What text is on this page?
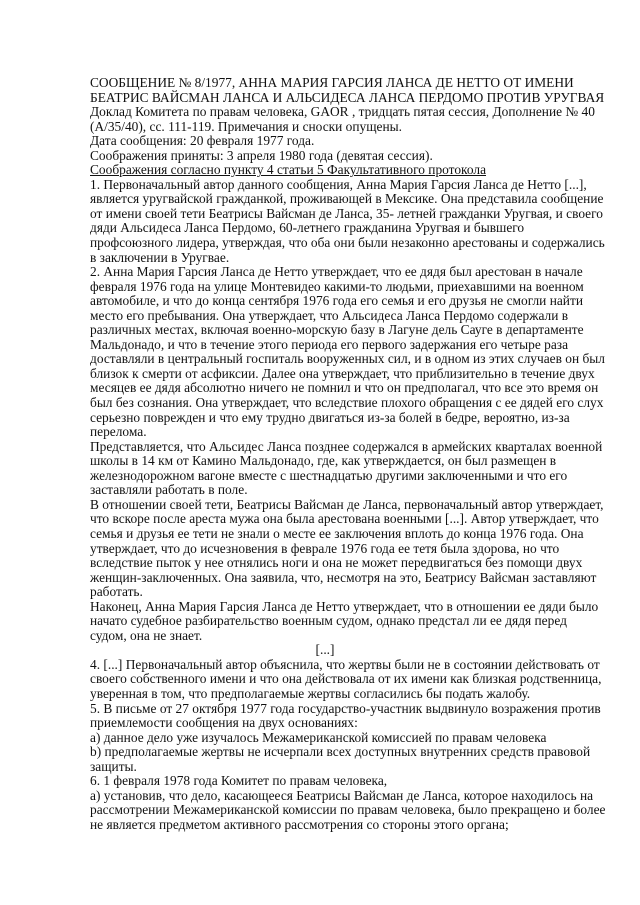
СООБЩЕНИЕ № 8/1977, АННА МАРИЯ ГАРСИЯ ЛАНСА ДЕ НЕТТО ОТ ИМЕНИ
БЕАТРИС ВАЙСМАН ЛАНСА И АЛЬСИДЕСА ЛАНСА ПЕРДОМО ПРОТИВ УРУГВАЯ
Доклад Комитета по правам человека, GAOR , тридцать пятая сессия, Дополнение № 40
(A/35/40), сс. 111-119. Примечания и сноски опущены.
Дата сообщения: 20 февраля 1977 года.
Соображения приняты: 3 апреля 1980 года (девятая сессия).
Соображения согласно пункту 4 статьи 5 Факультативного протокола
1. Первоначальный автор данного сообщения, Анна Мария Гарсия Ланса де Нетто [...],
является уругвайской гражданкой, проживающей в Мексике. Она представила сообщение
от имени своей тети Беатрисы Вайсман де Ланса, 35- летней гражданки Уругвая, и своего
дяди Альсидеса Ланса Пердомо, 60-летнего гражданина Уругвая и бывшего
профсоюзного лидера, утверждая, что оба они были незаконно арестованы и содержались
в заключении в Уругвае.
2. Анна Мария Гарсия Ланса де Нетто утверждает, что ее дядя был арестован в начале
февраля 1976 года на улице Монтевидео какими-то людьми, приехавшими на военном
автомобиле, и что до конца сентября 1976 года его семья и его друзья не смогли найти
место его пребывания. Она утверждает, что Альсидеса Ланса Пердомо содержали в
различных местах, включая военно-морскую базу в Лагуне дель Сауге в департаменте
Мальдонадо, и что в течение этого периода его первого задержания его четыре раза
доставляли в центральный госпиталь вооруженных сил, и в одном из этих случаев он был
близок к смерти от асфиксии. Далее она утверждает, что приблизительно в течение двух
месяцев ее дядя абсолютно ничего не помнил и что он предполагал, что все это время он
был без сознания. Она утверждает, что вследствие плохого обращения с ее дядей его слух
серьезно поврежден и что ему трудно двигаться из-за болей в бедре, вероятно, из-за
перелома.
Представляется, что Альсидес Ланса позднее содержался в армейских кварталах военной
школы в 14 км от Камино Мальдонадо, где, как утверждается, он был размещен в
железнодорожном вагоне вместе с шестнадцатью другими заключенными и что его
заставляли работать в поле.
В отношении своей тети, Беатрисы Вайсман де Ланса, первоначальный автор утверждает,
что вскоре после ареста мужа она была арестована военными [...]. Автор утверждает, что
семья и друзья ее тети не знали о месте ее заключения вплоть до конца 1976 года. Она
утверждает, что до исчезновения в феврале 1976 года ее тетя была здорова, но что
вследствие пыток у нее отнялись ноги и она не может передвигаться без помощи двух
женщин-заключенных. Она заявила, что, несмотря на это, Беатрису Вайсман заставляют
работать.
Наконец, Анна Мария Гарсия Ланса де Нетто утверждает, что в отношении ее дяди было
начато судебное разбирательство военным судом, однако предстал ли ее дядя перед
судом, она не знает.
[...]
4. [...] Первоначальный автор объяснила, что жертвы были не в состоянии действовать от
своего собственного имени и что она действовала от их имени как близкая родственница,
уверенная в том, что предполагаемые жертвы согласились бы подать жалобу.
5. В письме от 27 октября 1977 года государство-участник выдвинуло возражения против
приемлемости сообщения на двух основаниях:
a) данное дело уже изучалось Межамериканской комиссией по правам человека
b) предполагаемые жертвы не исчерпали всех доступных внутренних средств правовой
защиты.
6. 1 февраля 1978 года Комитет по правам человека,
a) установив, что дело, касающееся Беатрисы Вайсман де Ланса, которое находилось на
рассмотрении Межамериканской комиссии по правам человека, было прекращено и более
не является предметом активного рассмотрения со стороны этого органа;
